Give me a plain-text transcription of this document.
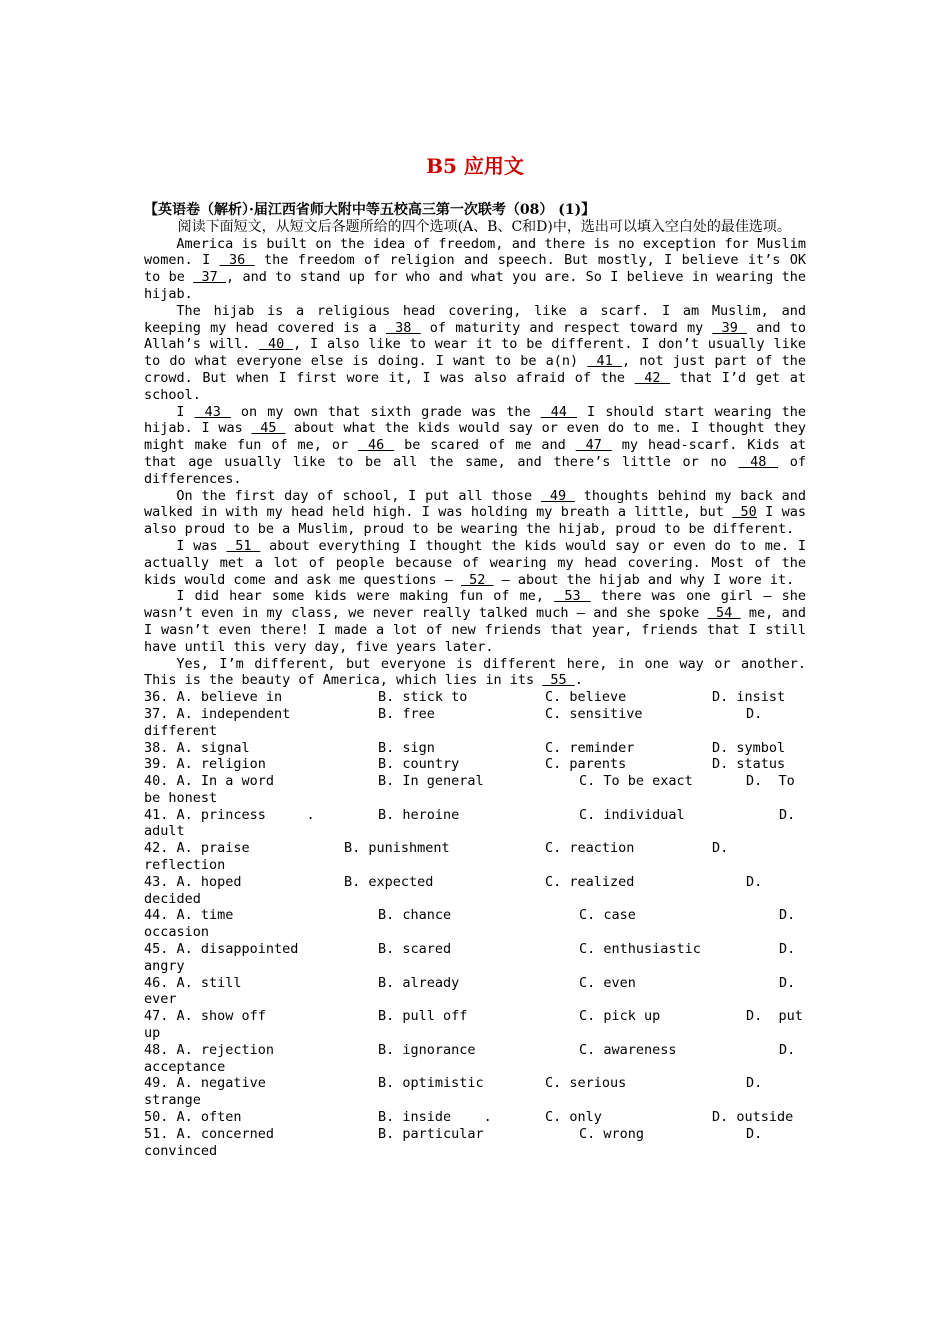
B5 应用文
【英语卷（解析）·届江西省师大附中等五校高三第一次联考（08） (1)】
阅读下面短文，从短文后各题所给的四个选项(A、B、C和D)中，选出可以填入空白处的最佳选项。

America is built on the idea of freedom, and there is no exception for Muslim women. I  36  the freedom of religion and speech. But mostly, I believe it’s OK to be  37 , and to stand up for who and what you are. So I believe in wearing the hijab.

The hijab is a religious head covering, like a scarf. I am Muslim, and keeping my head covered is a  38  of maturity and respect toward my  39  and to Allah’s will.  40 , I also like to wear it to be different. I don’t usually like to do what everyone else is doing. I want to be a(n)  41 , not just part of the crowd. But when I first wore it, I was also afraid of the  42  that I’d get at school.

I  43  on my own that sixth grade was the  44  I should start wearing the hijab. I was  45  about what the kids would say or even do to me. I thought they might make fun of me, or  46  be scared of me and  47  my head-scarf. Kids at that age usually like to be all the same, and there’s little or no  48  of differences.

On the first day of school, I put all those  49  thoughts behind my back and walked in with my head held high. I was holding my breath a little, but  50 I was also proud to be a Muslim, proud to be wearing the hijab, proud to be different.

I was  51  about everything I thought the kids would say or even do to me. I actually met a lot of people because of wearing my head covering. Most of the kids would come and ask me questions —  52  — about the hijab and why I wore it.

I did hear some kids were making fun of me,  53  there was one girl — she wasn’t even in my class, we never really talked much — and she spoke  54  me, and I wasn’t even there! I made a lot of new friends that year, friends that I still have until this very day, five years later.

Yes, I’m different, but everyone is different here, in one way or another. This is the beauty of America, which lies in its  55 .

36. A. believe in	B. stick to	C. believe	D. insist
37. A. independent	B. free	C. sensitive	D.
different
38. A. signal	B. sign	C. reminder	D. symbol
39. A. religion	B. country	C. parents	D. status
40. A. In a word	B. In general	C. To be exact	D.  To
be honest
41. A. princess     .	B. heroine	C. individual	D.
adult
42. A. praise	B. punishment	C. reaction	D.
reflection
43. A. hoped	B. expected	C. realized	D.
decided
44. A. time	B. chance	C. case	D.
occasion
45. A. disappointed	B. scared	C. enthusiastic	D.
angry
46. A. still	B. already	C. even	D.
ever
47. A. show off	B. pull off	C. pick up	D.  put
up
48. A. rejection	B. ignorance	C. awareness	D.
acceptance
49. A. negative	B. optimistic	C. serious	D.
strange
50. A. often	B. inside    .	C. only	D. outside
51. A. concerned	B. particular	C. wrong	D.
convinced
